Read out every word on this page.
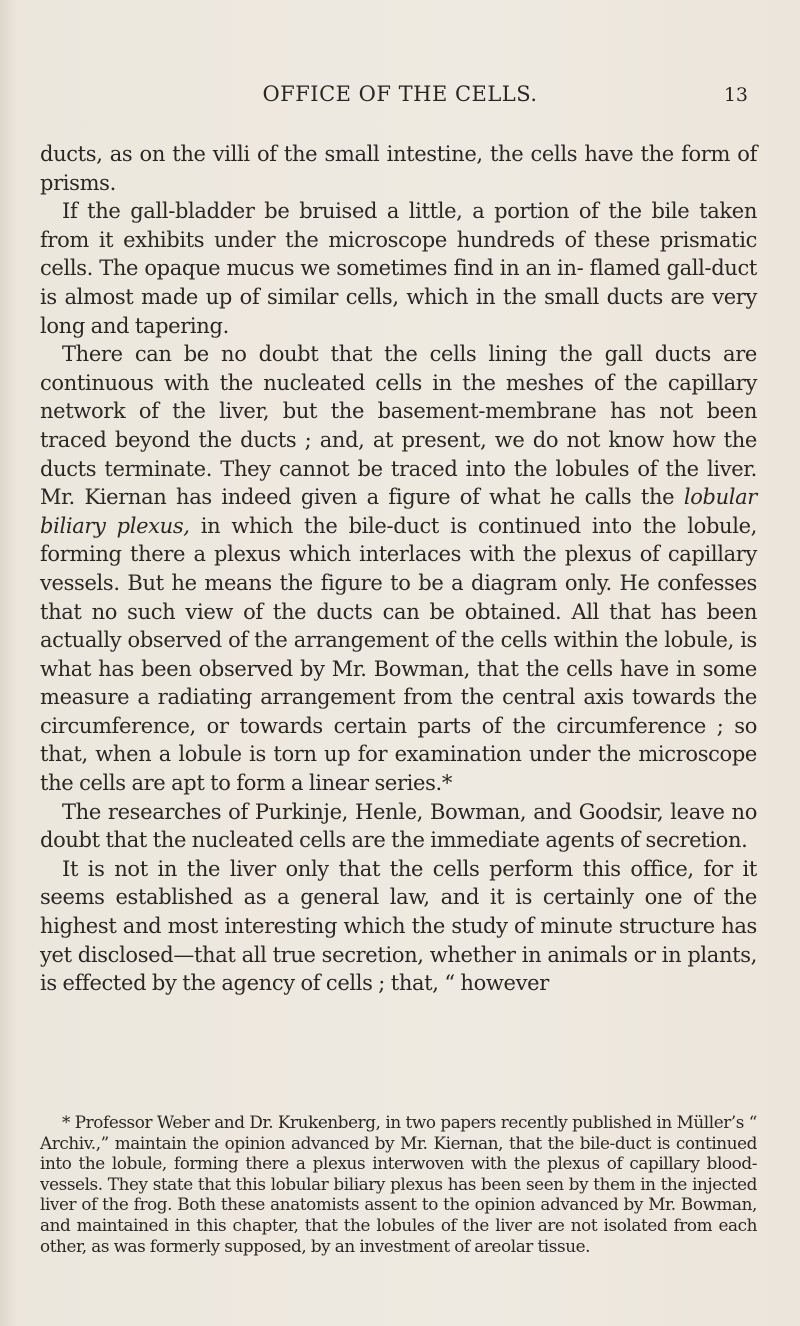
OFFICE OF THE CELLS.	13

ducts, as on the villi of the small intestine, the cells have the form of prisms.

If the gall-bladder be bruised a little, a portion of the bile taken from it exhibits under the microscope hundreds of these prismatic cells. The opaque mucus we sometimes find in an in- flamed gall-duct is almost made up of similar cells, which in the small ducts are very long and tapering.

There can be no doubt that the cells lining the gall ducts are continuous with the nucleated cells in the meshes of the capillary network of the liver, but the basement-membrane has not been traced beyond the ducts ; and, at present, we do not know how the ducts terminate. They cannot be traced into the lobules of the liver. Mr. Kiernan has indeed given a figure of what he calls the lobular biliary plexus, in which the bile-duct is continued into the lobule, forming there a plexus which interlaces with the plexus of capillary vessels. But he means the figure to be a diagram only. He confesses that no such view of the ducts can be obtained. All that has been actually observed of the arrangement of the cells within the lobule, is what has been observed by Mr. Bowman, that the cells have in some measure a radiating arrangement from the central axis towards the circumference, or towards certain parts of the circumference ; so that, when a lobule is torn up for examination under the microscope the cells are apt to form a linear series.*

The researches of Purkinje, Henle, Bowman, and Goodsir, leave no doubt that the nucleated cells are the immediate agents of secretion.

It is not in the liver only that the cells perform this office, for it seems established as a general law, and it is certainly one of the highest and most interesting which the study of minute structure has yet disclosed—that all true secretion, whether in animals or in plants, is effected by the agency of cells ; that, “ however

* Professor Weber and Dr. Krukenberg, in two papers recently published in Müller’s “ Archiv.,” maintain the opinion advanced by Mr. Kiernan, that the bile-duct is continued into the lobule, forming there a plexus interwoven with the plexus of capillary blood-vessels. They state that this lobular biliary plexus has been seen by them in the injected liver of the frog. Both these anatomists assent to the opinion advanced by Mr. Bowman, and maintained in this chapter, that the lobules of the liver are not isolated from each other, as was formerly supposed, by an investment of areolar tissue.
